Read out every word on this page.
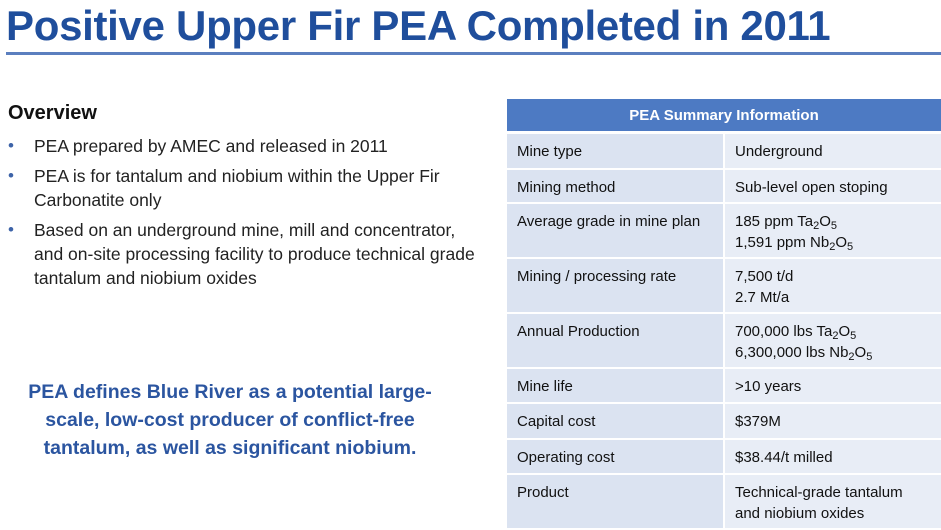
Positive Upper Fir PEA Completed in 2011
Overview
• PEA prepared by AMEC and released in 2011
• PEA is for tantalum and niobium within the Upper Fir Carbonatite only
• Based on an underground mine, mill and concentrator, and on-site processing facility to produce technical grade tantalum and niobium oxides
PEA defines Blue River as a potential large-scale, low-cost producer of conflict-free tantalum, as well as significant niobium.
PEA Summary Information	
Mine type	Underground
Mining method	Sub-level open stoping
Average grade in mine plan	185 ppm $Ta_2O_5$
1,591 ppm $Nb_2O_5$

Mining / processing rate	7,500 t/d
2.7 Mt/a

Annual Production	700,000 lbs $Ta_2O_5$
6,300,000 lbs $Nb_2O_5$

Mine life	>10 years
Capital cost	$379M
Operating cost	$38.44/t milled
Product	Technical-grade tantalum
and niobium oxides
